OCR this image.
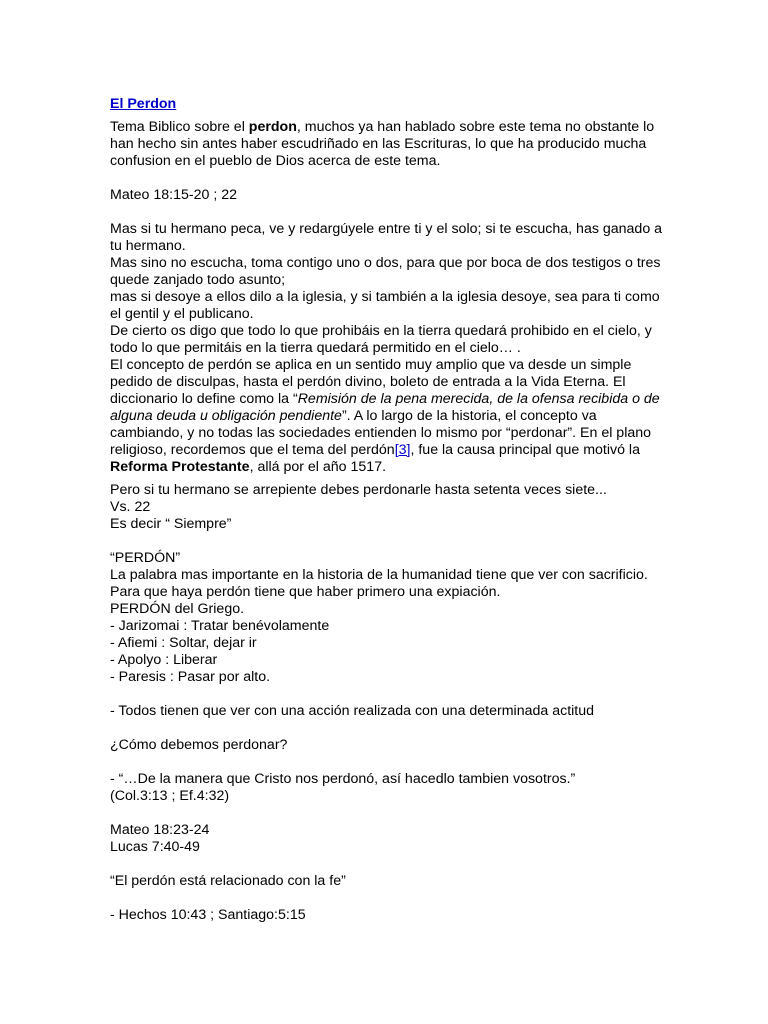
El Perdon

Tema Biblico sobre el perdon, muchos ya han hablado sobre este tema no obstante lo han hecho sin antes haber escudriñado en las Escrituras, lo que ha producido mucha confusion en el pueblo de Dios acerca de este tema.

Mateo 18:15-20 ; 22

Mas si tu hermano peca, ve y redargúyele entre ti y el solo; si te escucha, has ganado a tu hermano.

Mas sino no escucha, toma contigo uno o dos, para que por boca de dos testigos o tres quede zanjado todo asunto;

mas si desoye a ellos dilo a la iglesia, y si también a la iglesia desoye, sea para ti como el gentil y el publicano.

De cierto os digo que todo lo que prohibáis en la tierra quedará prohibido en el cielo, y todo lo que permitáis en la tierra quedará permitido en el cielo… .

El concepto de perdón se aplica en un sentido muy amplio que va desde un simple pedido de disculpas, hasta el perdón divino, boleto de entrada a la Vida Eterna. El diccionario lo define como la “Remisión de la pena merecida, de la ofensa recibida o de alguna deuda u obligación pendiente”. A lo largo de la historia, el concepto va cambiando, y no todas las sociedades entienden lo mismo por “perdonar”. En el plano religioso, recordemos que el tema del perdón[3], fue la causa principal que motivó la Reforma Protestante, allá por el año 1517.

Pero si tu hermano se arrepiente debes perdonarle hasta setenta veces siete...

Vs. 22

Es decir “ Siempre”

“PERDÓN”

La palabra mas importante en la historia de la humanidad tiene que ver con sacrificio.

Para que haya perdón tiene que haber primero una expiación.

PERDÓN del Griego.

- Jarizomai : Tratar benévolamente

- Afiemi : Soltar, dejar ir

- Apolyo : Liberar

- Paresis : Pasar por alto.

- Todos tienen que ver con una acción realizada con una determinada actitud

¿Cómo debemos perdonar?

- “…De la manera que Cristo nos perdonó, así hacedlo tambien vosotros.”

(Col.3:13 ; Ef.4:32)

Mateo 18:23-24

Lucas 7:40-49

“El perdón está relacionado con la fe”

- Hechos 10:43 ; Santiago:5:15
